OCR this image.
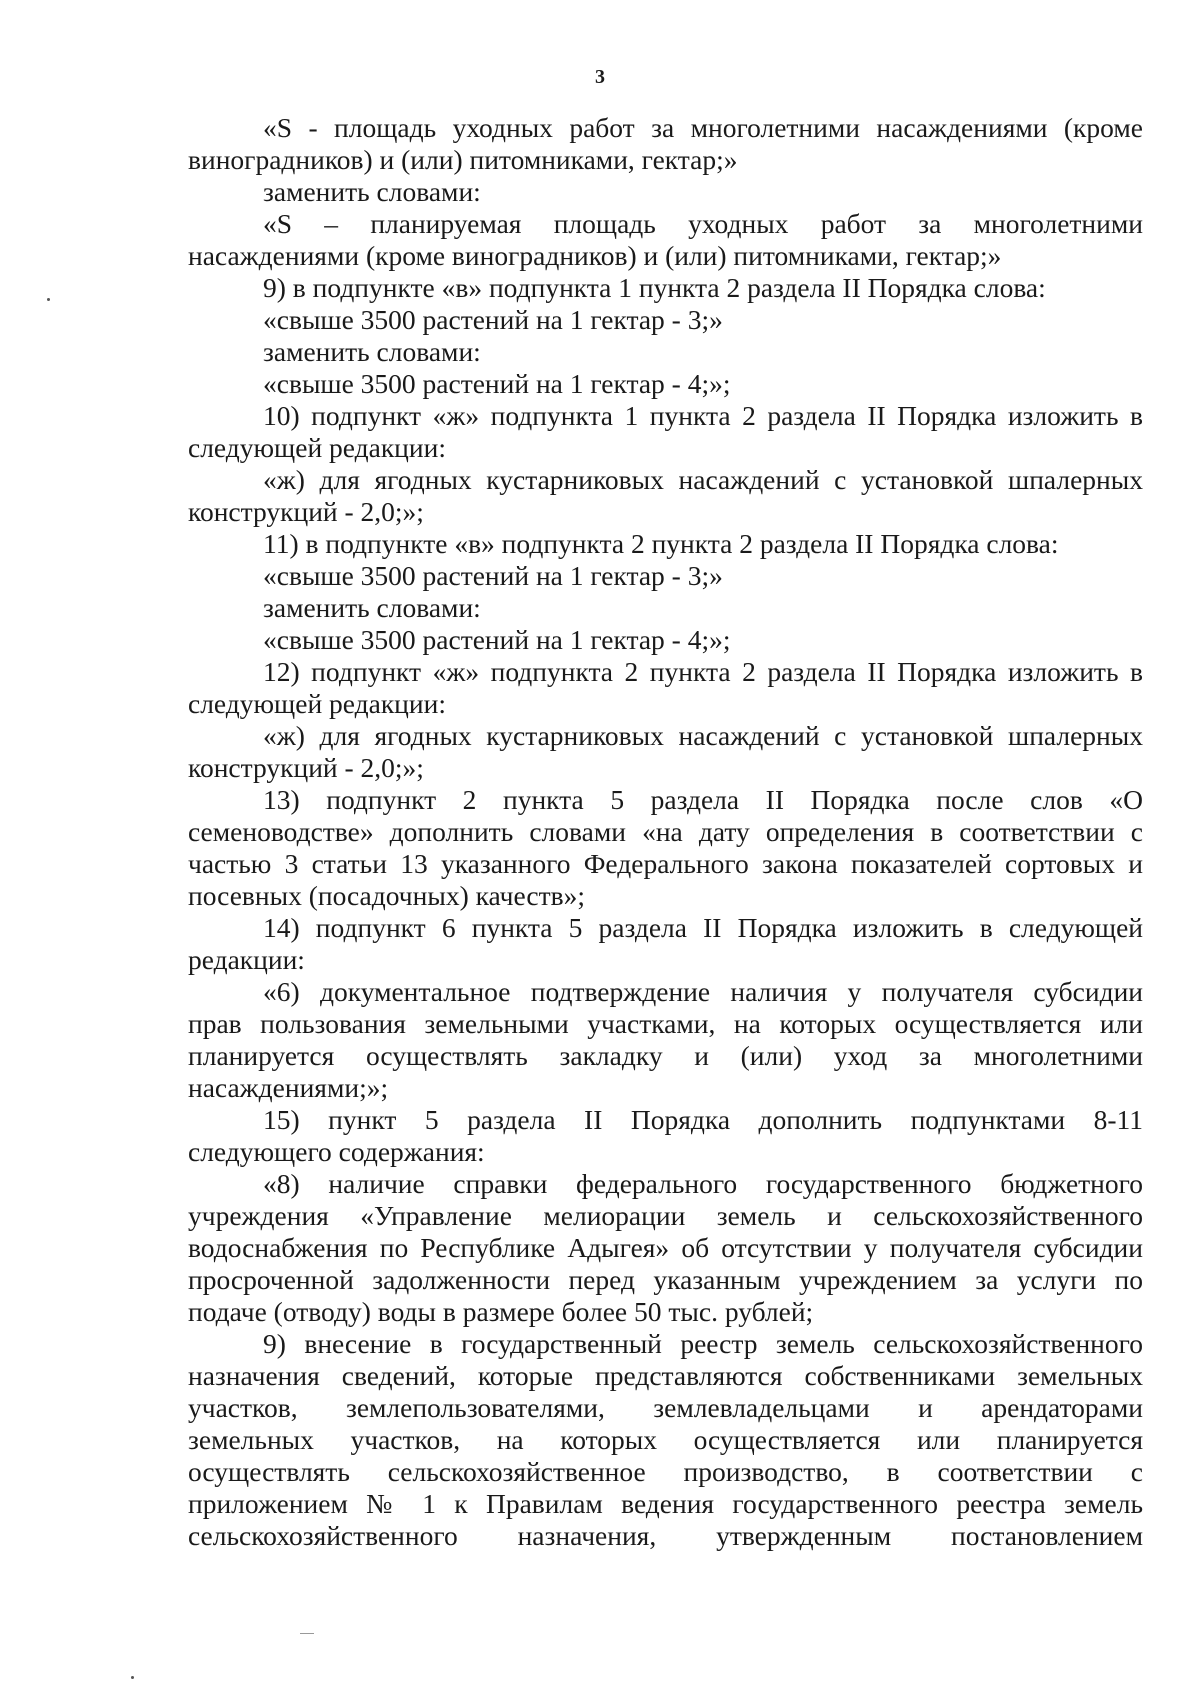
3
«S - площадь уходных работ за многолетними насаждениями (кроме
виноградников) и (или) питомниками, гектар;»
заменить словами:
«S – планируемая площадь уходных работ за многолетними
насаждениями (кроме виноградников) и (или) питомниками, гектар;»
9) в подпункте «в» подпункта 1 пункта 2 раздела II Порядка слова:
«свыше 3500 растений на 1 гектар - 3;»
заменить словами:
«свыше 3500 растений на 1 гектар - 4;»;
10) подпункт «ж» подпункта 1 пункта 2 раздела II Порядка изложить в
следующей редакции:
«ж) для ягодных кустарниковых насаждений с установкой шпалерных
конструкций - 2,0;»;
11) в подпункте «в» подпункта 2 пункта 2 раздела II Порядка слова:
«свыше 3500 растений на 1 гектар - 3;»
заменить словами:
«свыше 3500 растений на 1 гектар - 4;»;
12) подпункт «ж» подпункта 2 пункта 2 раздела II Порядка изложить в
следующей редакции:
«ж) для ягодных кустарниковых насаждений с установкой шпалерных
конструкций - 2,0;»;
13) подпункт 2 пункта 5 раздела II Порядка после слов «О
семеноводстве» дополнить словами «на дату определения в соответствии с
частью 3 статьи 13 указанного Федерального закона показателей сортовых и
посевных (посадочных) качеств»;
14) подпункт 6 пункта 5 раздела II Порядка изложить в следующей
редакции:
«6) документальное подтверждение наличия у получателя субсидии
прав пользования земельными участками, на которых осуществляется или
планируется осуществлять закладку и (или) уход за многолетними
насаждениями;»;
15) пункт 5 раздела II Порядка дополнить подпунктами 8-11
следующего содержания:
«8) наличие справки федерального государственного бюджетного
учреждения «Управление мелиорации земель и сельскохозяйственного
водоснабжения по Республике Адыгея» об отсутствии у получателя субсидии
просроченной задолженности перед указанным учреждением за услуги по
подаче (отводу) воды в размере более 50 тыс. рублей;
9) внесение в государственный реестр земель сельскохозяйственного
назначения сведений, которые представляются собственниками земельных
участков, землепользователями, землевладельцами и арендаторами
земельных участков, на которых осуществляется или планируется
осуществлять сельскохозяйственное производство, в соответствии с
приложением № 1 к Правилам ведения государственного реестра земель
сельскохозяйственного назначения, утвержденным постановлением
